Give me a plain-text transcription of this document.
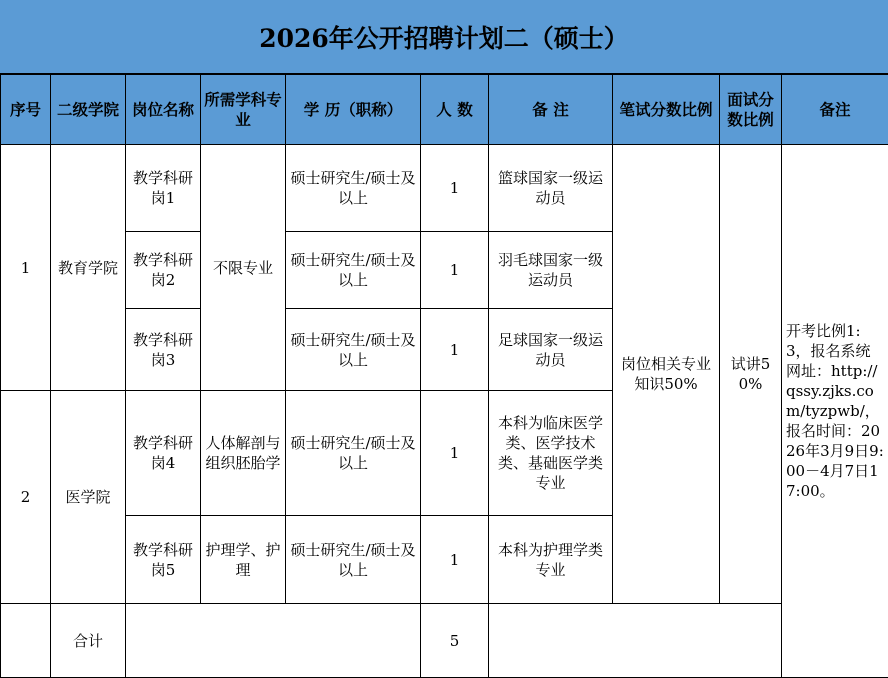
2026年公开招聘计划二（硕士）
序号	二级学院	岗位名称	所需学科专业	学 历（职称）	人 数	备 注	笔试分数比例	面试分数比例	备注
1	教育学院	教学科研岗1	不限专业	硕士研究生/硕士及以上	1	篮球国家一级运动员	岗位相关专业知识50%	试讲50%	开考比例1:3，报名系统网址：http://qssy.zjks.com/tyzpwb/，报名时间：2026年3月9日9:00－4月7日17:00。
		教学科研岗2		硕士研究生/硕士及以上	1	羽毛球国家一级运动员			
		教学科研岗3		硕士研究生/硕士及以上	1	足球国家一级运动员			
2	医学院	教学科研岗4	人体解剖与组织胚胎学	硕士研究生/硕士及以上	1	本科为临床医学类、医学技术类、基础医学类专业			
		教学科研岗5	护理学、护理	硕士研究生/硕士及以上	1	本科为护理学类专业			
	合计				5				
